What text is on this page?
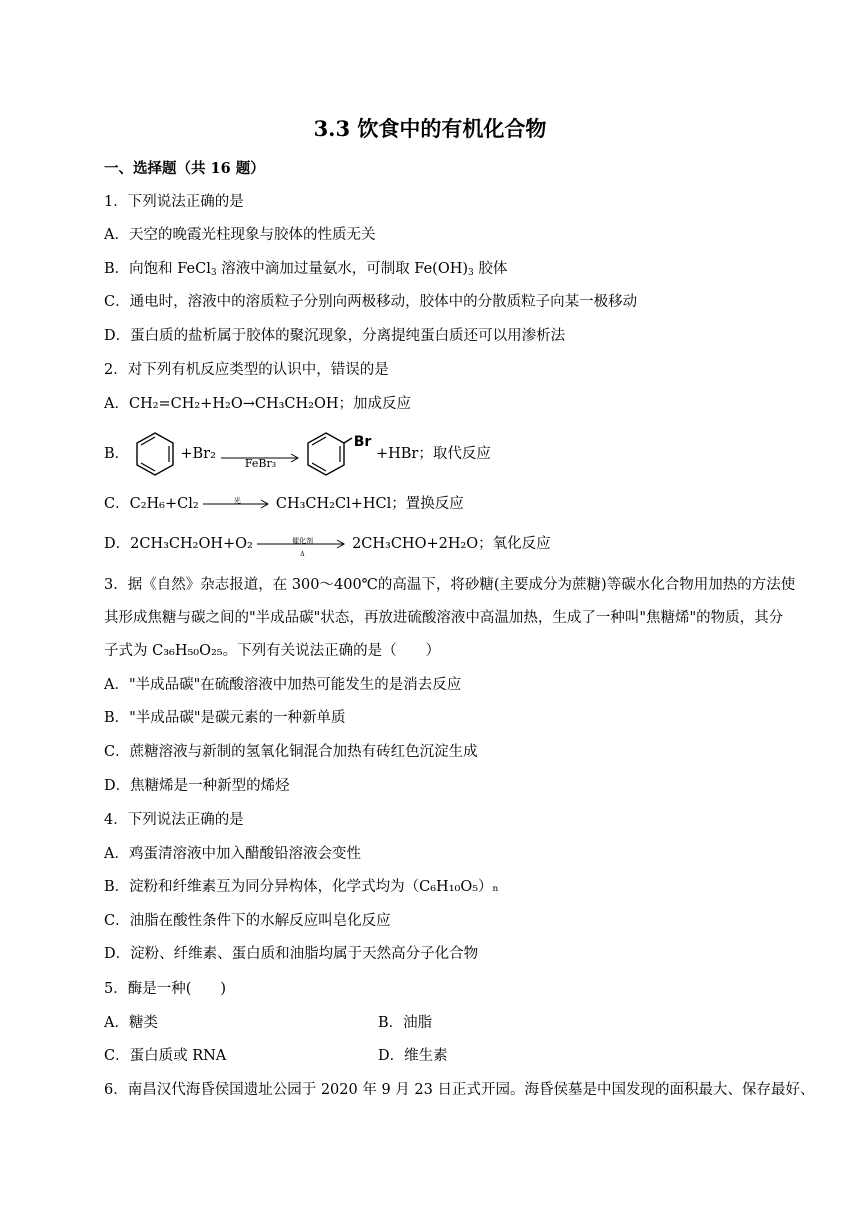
3.3 饮食中的有机化合物
一、选择题（共 16 题）
1．下列说法正确的是
A．天空的晚霞光柱现象与胶体的性质无关
B．向饱和 FeCl$_3$ 溶液中滴加过量氨水，可制取 $Fe(OH)_3$ 胶体
C．通电时，溶液中的溶质粒子分别向两极移动，胶体中的分散质粒子向某一极移动
D．蛋白质的盐析属于胶体的聚沉现象，分离提纯蛋白质还可以用渗析法
2．对下列有机反应类型的认识中，错误的是
A．CH₂=CH₂+H₂O→CH₃CH₂OH；加成反应
B．	+Br₂
FeBr₃
Br +HBr；取代反应
C．C₂H₆+Cl₂	光	CH₃CH₂Cl+HCl；置换反应
D．2CH₃CH₂OH+O₂	催化剂
Δ
2CH₃CHO+2H₂O；氧化反应
3．据《自然》杂志报道，在 300～400℃的高温下，将砂糖(主要成分为蔗糖)等碳水化合物用加热的方法使
其形成焦糖与碳之间的"半成品碳"状态，再放进硫酸溶液中高温加热，生成了一种叫"焦糖烯"的物质，其分
子式为 C₃₆H₅₀O₂₅。下列有关说法正确的是（　　）
A．"半成品碳"在硫酸溶液中加热可能发生的是消去反应
B．"半成品碳"是碳元素的一种新单质
C．蔗糖溶液与新制的氢氧化铜混合加热有砖红色沉淀生成
D．焦糖烯是一种新型的烯烃
4．下列说法正确的是
A．鸡蛋清溶液中加入醋酸铅溶液会变性
B．淀粉和纤维素互为同分异构体，化学式均为（C₆H₁₀O₅）ₙ
C．油脂在酸性条件下的水解反应叫皂化反应
D．淀粉、纤维素、蛋白质和油脂均属于天然高分子化合物
5．酶是一种(　　)
A．糖类	B．油脂
C．蛋白质或 RNA	D．维生素
6．南昌汉代海昏侯国遗址公园于 2020 年 9 月 23 日正式开园。海昏侯墓是中国发现的面积最大、保存最好、
